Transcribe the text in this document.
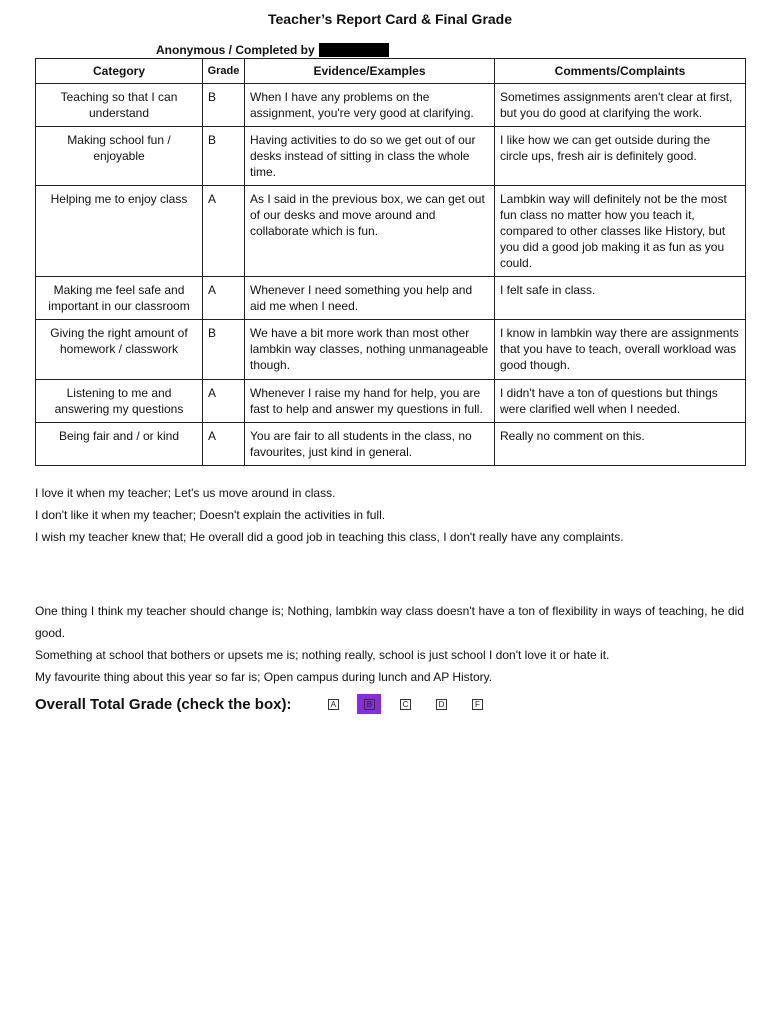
Teacher’s Report Card & Final Grade
Anonymous / Completed by
Category	Grade	Evidence/Examples	Comments/Complaints
Teaching so that I can understand	B	When I have any problems on the assignment, you're very good at clarifying.	Sometimes assignments aren't clear at first, but you do good at clarifying the work.
Making school fun / enjoyable	B	Having activities to do so we get out of our desks instead of sitting in class the whole time.	I like how we can get outside during the circle ups, fresh air is definitely good.
Helping me to enjoy class	A	As I said in the previous box, we can get out of our desks and move around and collaborate which is fun.	Lambkin way will definitely not be the most fun class no matter how you teach it, compared to other classes like History, but you did a good job making it as fun as you could.
Making me feel safe and important in our classroom	A	Whenever I need something you help and aid me when I need.	I felt safe in class.
Giving the right amount of homework / classwork	B	We have a bit more work than most other lambkin way classes, nothing unmanageable though.	I know in lambkin way there are assignments that you have to teach, overall workload was good though.
Listening to me and answering my questions	A	Whenever I raise my hand for help, you are fast to help and answer my questions in full.	I didn't have a ton of questions but things were clarified well when I needed.
Being fair and / or kind	A	You are fair to all students in the class, no favourites, just kind in general.	Really no comment on this.

I love it when my teacher; Let's us move around in class.

I don't like it when my teacher; Doesn't explain the activities in full.

I wish my teacher knew that; He overall did a good job in teaching this class, I don't really have any complaints.

One thing I think my teacher should change is; Nothing, lambkin way class doesn't have a ton of flexibility in ways of teaching, he did good.

Something at school that bothers or upsets me is; nothing really, school is just school I don't love it or hate it.

My favourite thing about this year so far is; Open campus during lunch and AP History.

Overall Total Grade (check the box):	A	B	C	D	F
